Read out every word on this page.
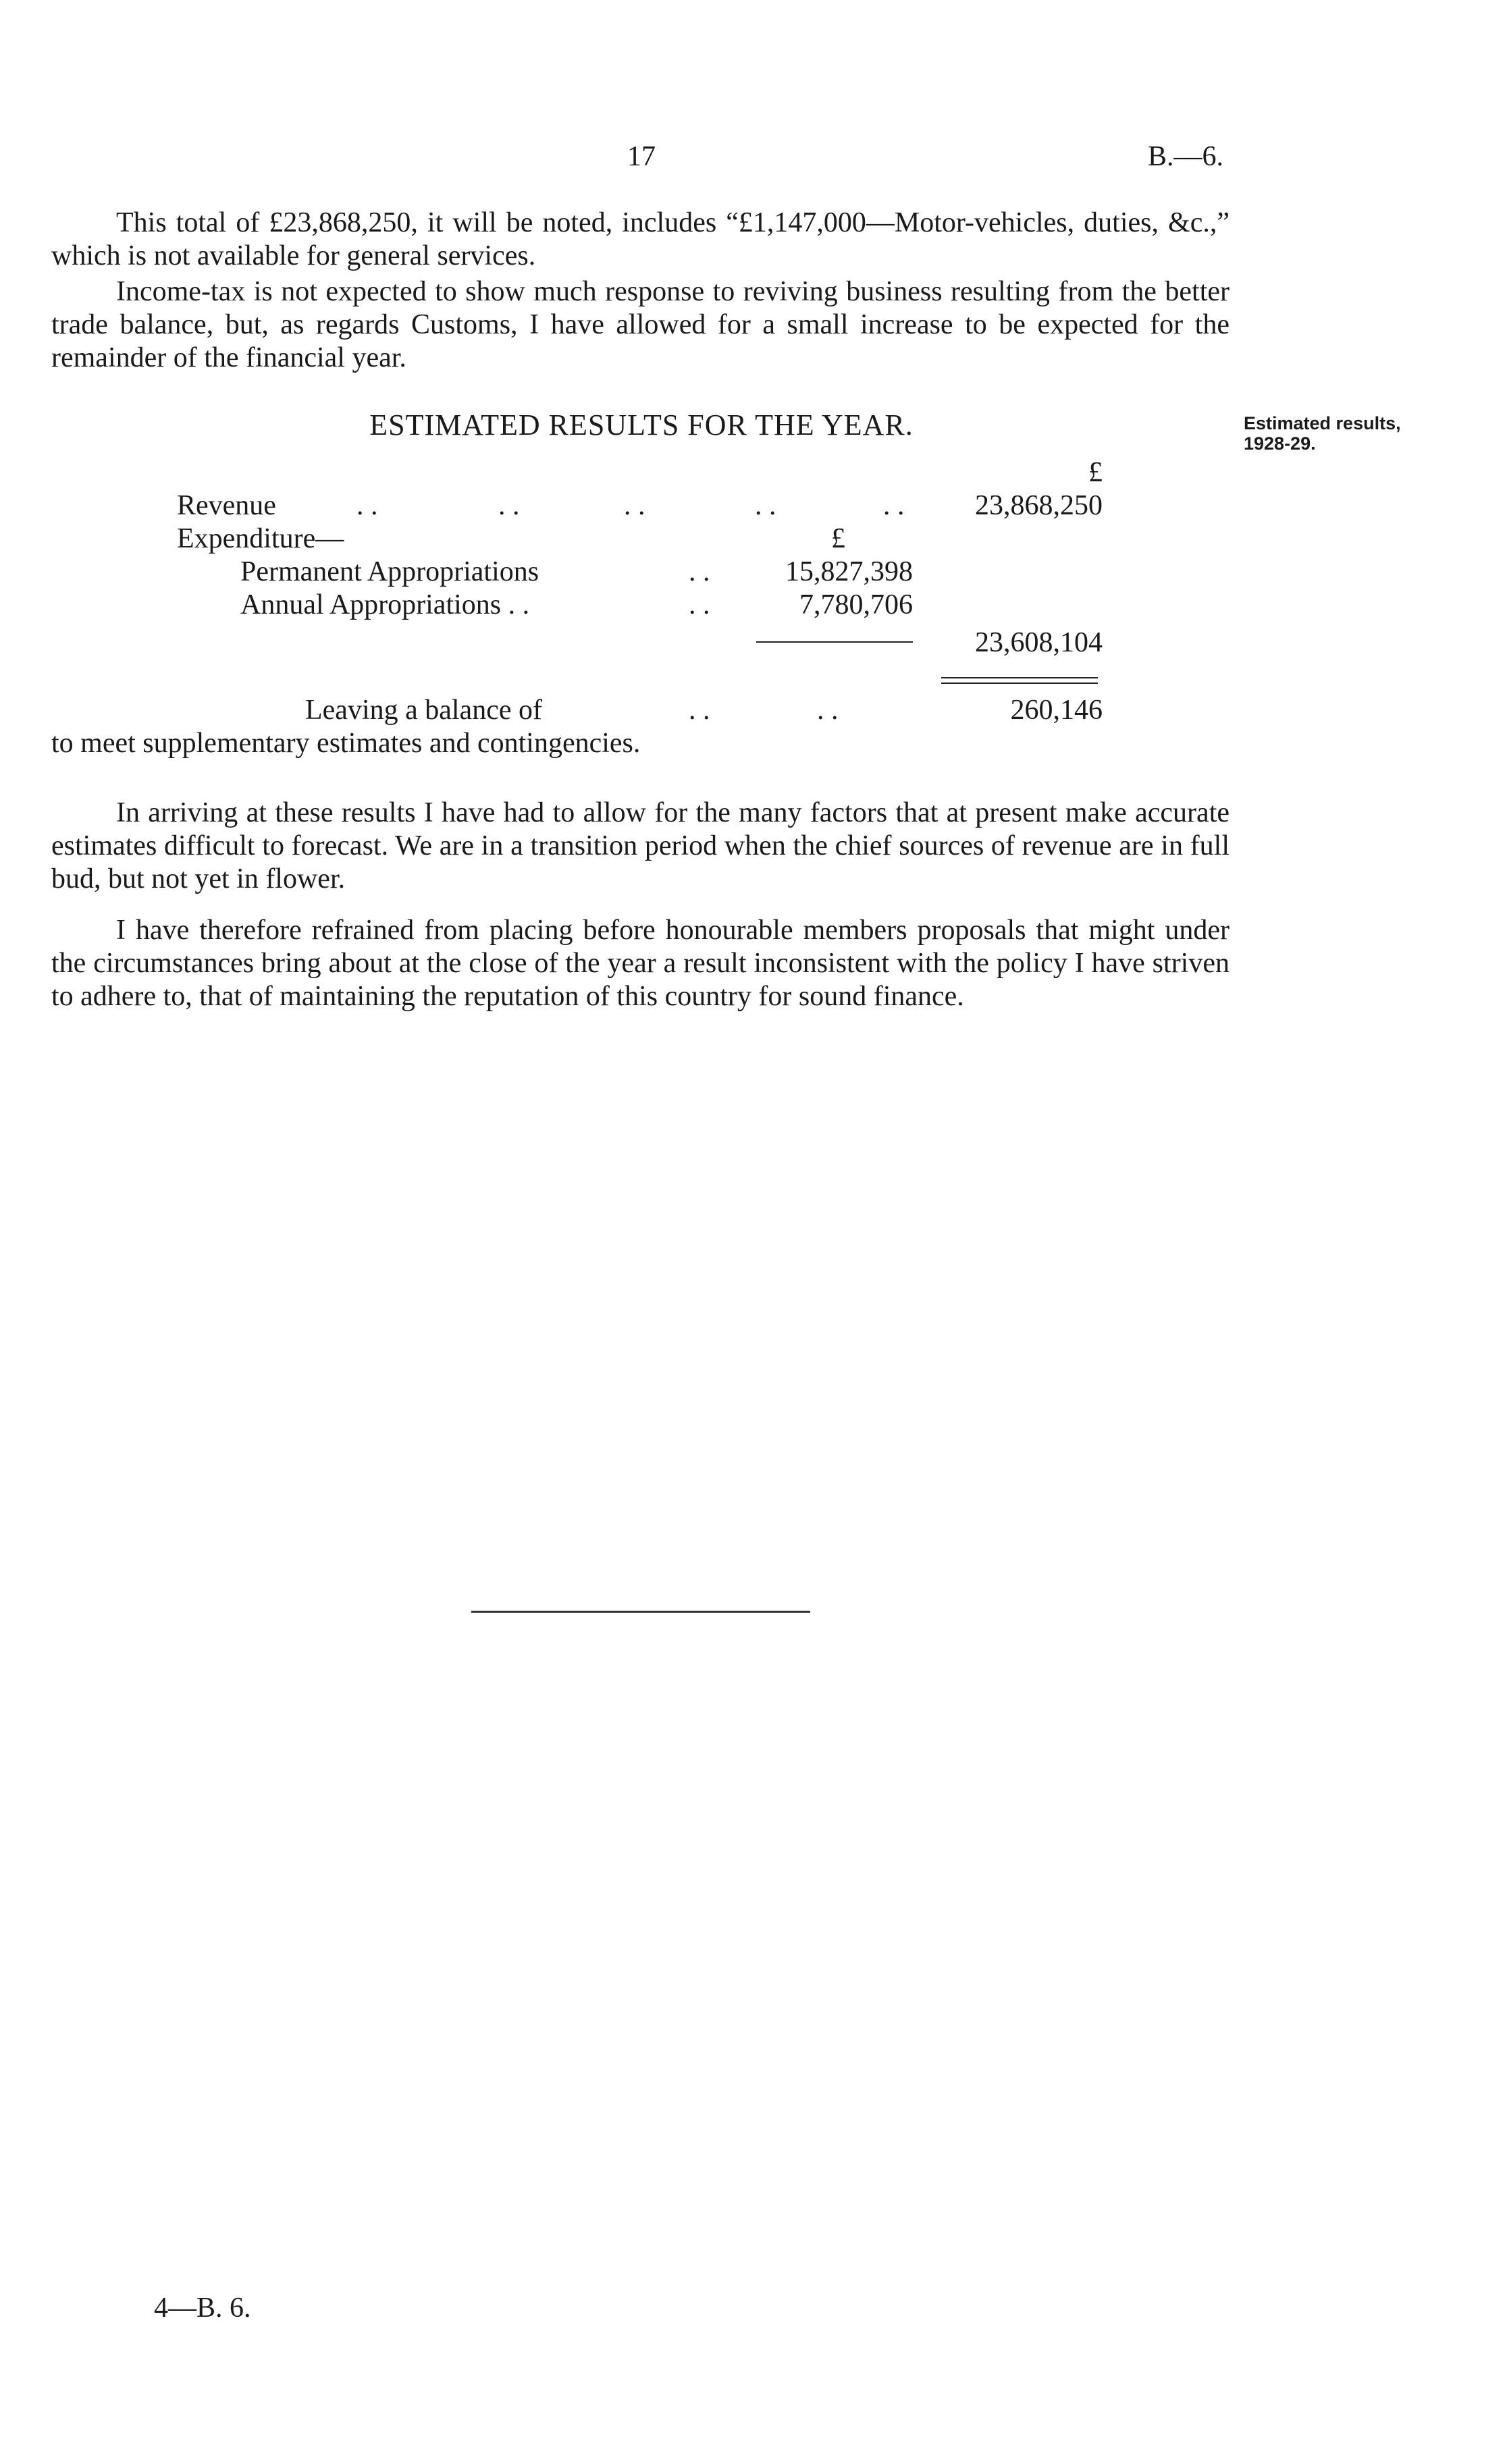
17	B.—6.

This total of £23,868,250, it will be noted, includes “£1,147,000—Motor-vehicles, duties, &c.,” which is not available for general services.

Income-tax is not expected to show much response to reviving business resulting from the better trade balance, but, as regards Customs, I have allowed for a small increase to be expected for the remainder of the financial year.

ESTIMATED RESULTS FOR THE YEAR.	Estimated results, 1928-29.
£
Revenue	. .	. .	. .	. .	. .	23,868,250
Expenditure—	£
Permanent Appropriations	. .	15,827,398
Annual Appropriations . .	. .	7,780,706
23,608,104
Leaving a balance of	. .	. .	260,146
to meet supplementary estimates and contingencies.

In arriving at these results I have had to allow for the many factors that at present make accurate estimates difficult to forecast. We are in a transition period when the chief sources of revenue are in full bud, but not yet in flower.

I have therefore refrained from placing before honourable members proposals that might under the circumstances bring about at the close of the year a result inconsistent with the policy I have striven to adhere to, that of maintaining the reputation of this country for sound finance.

4—B. 6.
